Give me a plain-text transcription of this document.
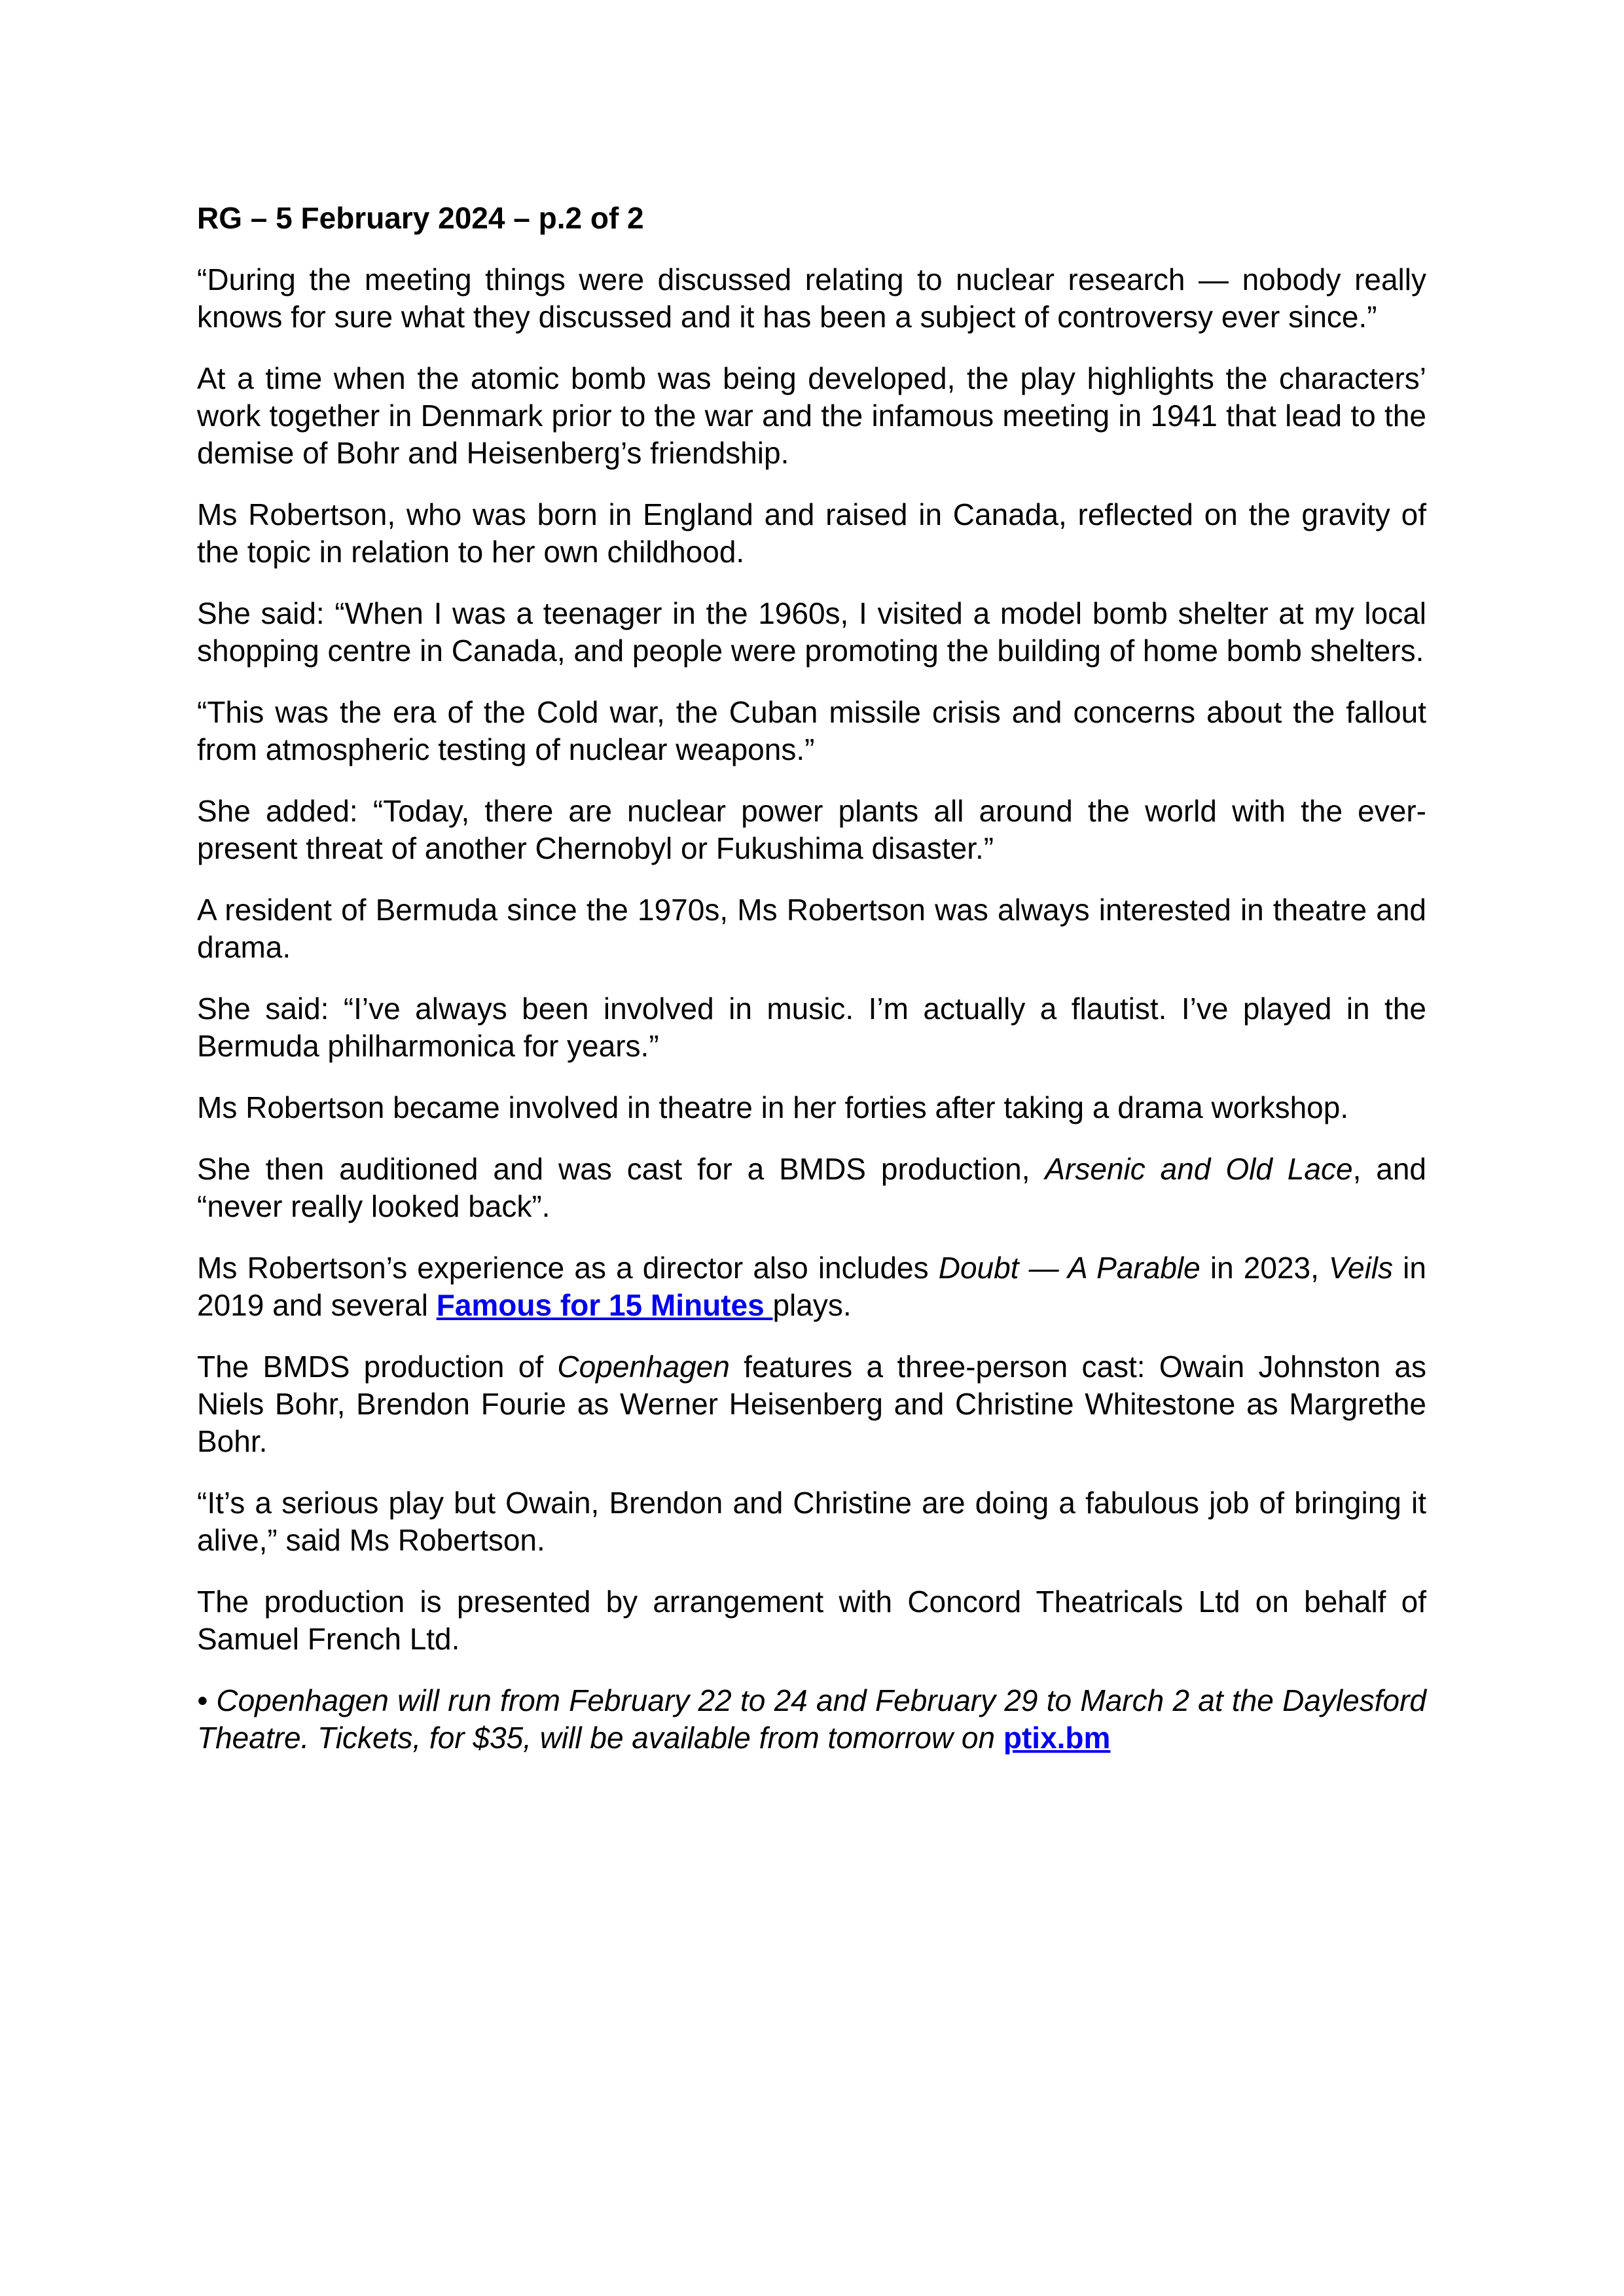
RG – 5 February 2024 – p.2 of 2

“During the meeting things were discussed relating to nuclear research — nobody really knows for sure what they discussed and it has been a subject of controversy ever since.”

At a time when the atomic bomb was being developed, the play highlights the characters’ work together in Denmark prior to the war and the infamous meeting in 1941 that lead to the demise of Bohr and Heisenberg’s friendship.

Ms Robertson, who was born in England and raised in Canada, reflected on the gravity of the topic in relation to her own childhood.

She said: “When I was a teenager in the 1960s, I visited a model bomb shelter at my local shopping centre in Canada, and people were promoting the building of home bomb shelters.

“This was the era of the Cold war, the Cuban missile crisis and concerns about the fallout from atmospheric testing of nuclear weapons.”

She added: “Today, there are nuclear power plants all around the world with the ever-present threat of another Chernobyl or Fukushima disaster.”

A resident of Bermuda since the 1970s, Ms Robertson was always interested in theatre and drama.

She said: “I’ve always been involved in music. I’m actually a flautist. I’ve played in the Bermuda philharmonica for years.”

Ms Robertson became involved in theatre in her forties after taking a drama workshop.

She then auditioned and was cast for a BMDS production, Arsenic and Old Lace, and “never really looked back”.

Ms Robertson’s experience as a director also includes Doubt — A Parable in 2023, Veils in 2019 and several Famous for 15 Minutes plays.

The BMDS production of Copenhagen features a three-person cast: Owain Johnston as Niels Bohr, Brendon Fourie as Werner Heisenberg and Christine Whitestone as Margrethe Bohr.

“It’s a serious play but Owain, Brendon and Christine are doing a fabulous job of bringing it alive,” said Ms Robertson.

The production is presented by arrangement with Concord Theatricals Ltd on behalf of Samuel French Ltd.

• Copenhagen will run from February 22 to 24 and February 29 to March 2 at the Daylesford Theatre. Tickets, for $35, will be available from tomorrow on ptix.bm
